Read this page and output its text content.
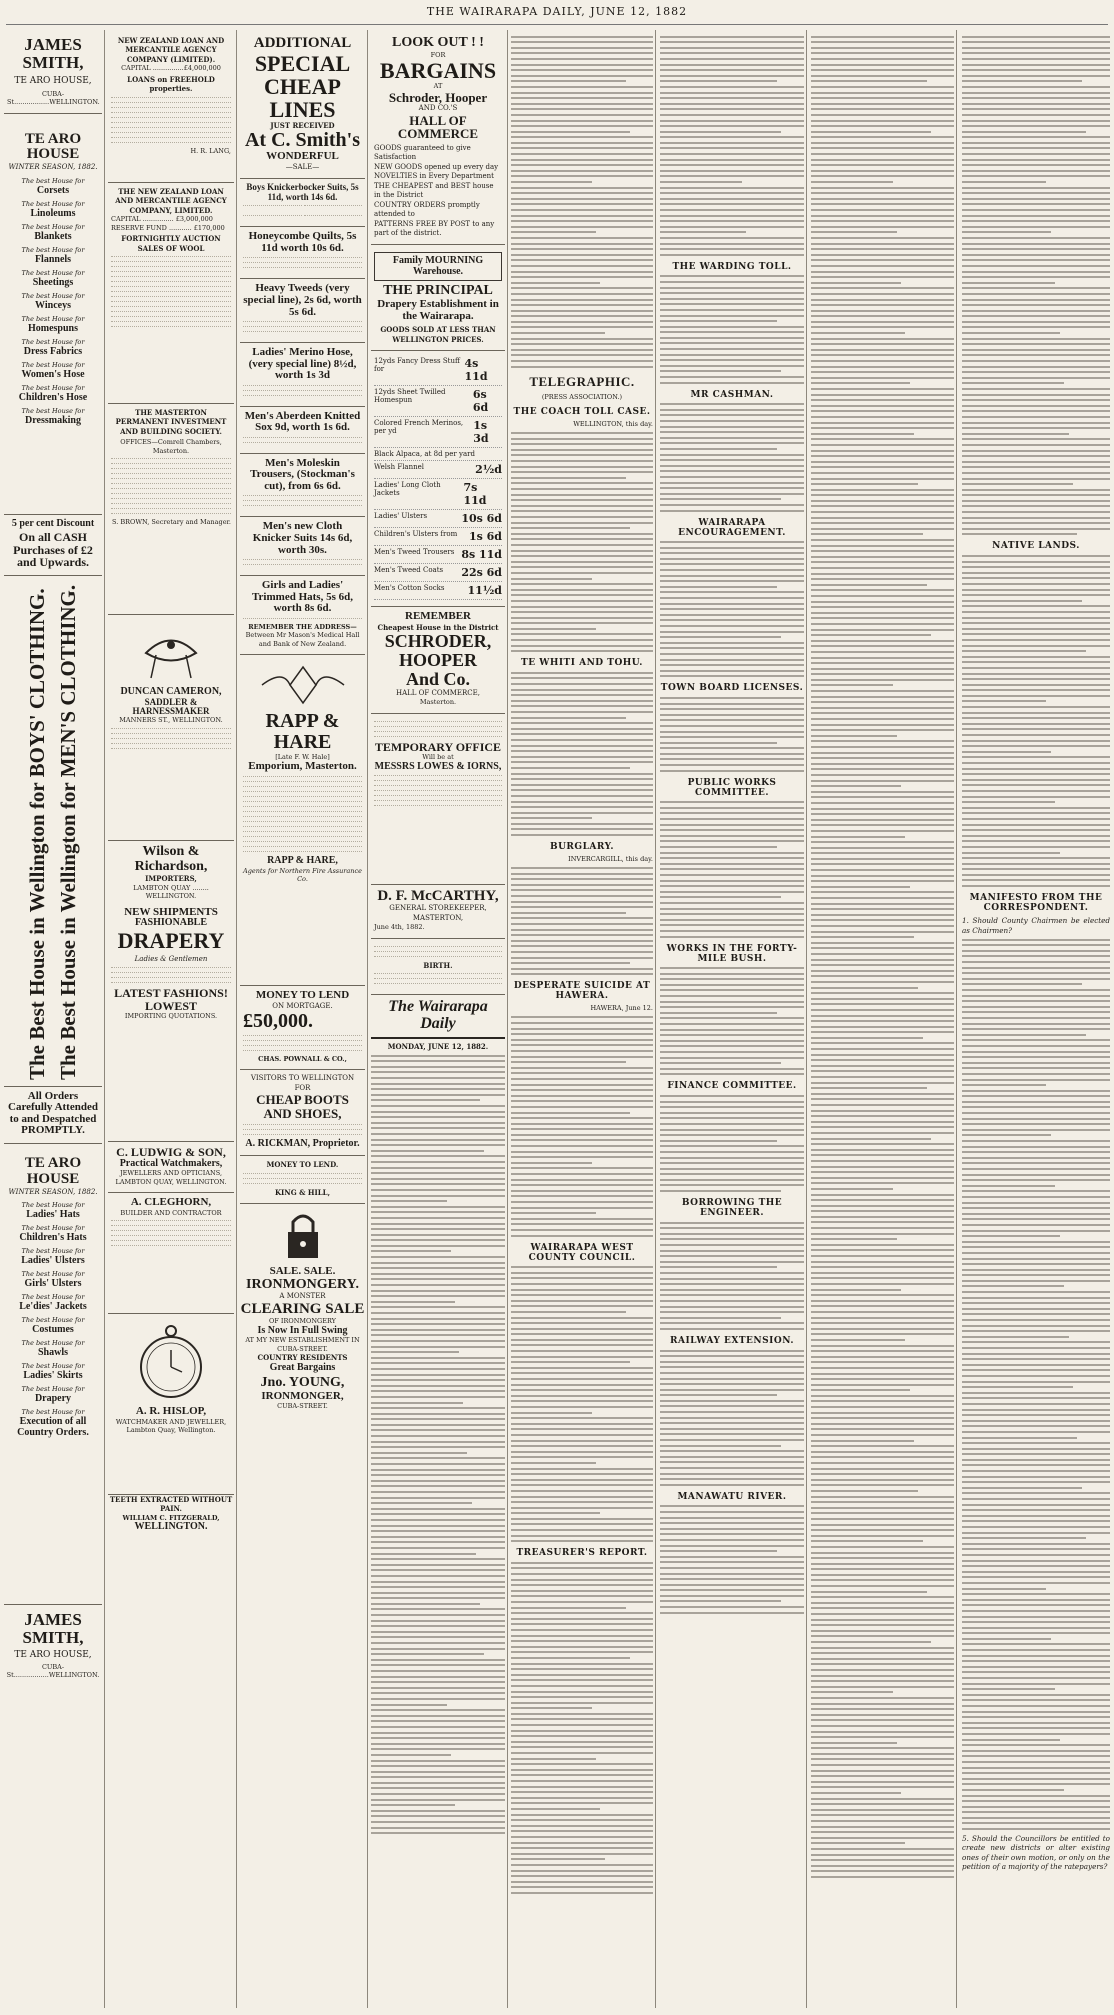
THE WAIRARAPA DAILY, JUNE 12, 1882
JAMES SMITH,
TE ARO HOUSE,
CUBA-St.................WELLINGTON.
TE ARO HOUSE
WINTER SEASON, 1882.
The best House for
Corsets
The best House for
Linoleums
The best House for
Blankets
The best House for
Flannels
The best House for
Sheetings
The best House for
Winceys
The best House for
Homespuns
The best House for
Dress Fabrics
The best House for
Women's Hose
The best House for
Children's Hose
The best House for
Dressmaking
5 per cent Discount
On all CASH Purchases of £2 and Upwards.
The Best House in Wellington for BOYS' CLOTHING. The Best House in Wellington for MEN'S CLOTHING.
All Orders Carefully Attended to and Despatched PROMPTLY.
TE ARO HOUSE
WINTER SEASON, 1882.
The best House for
Ladies' Hats
The best House for
Children's Hats
The best House for
Ladies' Ulsters
The best House for
Girls' Ulsters
The best House for
Le'dies' Jackets
The best House for
Costumes
The best House for
Shawls
The best House for
Ladies' Skirts
The best House for
Drapery
The best House for
Execution of all Country Orders.
JAMES SMITH,
TE ARO HOUSE,
CUBA-St.................WELLINGTON.
NEW ZEALAND LOAN AND MERCANTILE AGENCY COMPANY (LIMITED).
CAPITAL ...............£4,000,000
LOANS on FREEHOLD properties.
H. R. LANG,
THE NEW ZEALAND LOAN AND MERCANTILE AGENCY COMPANY, LIMITED.
CAPITAL ............... £3,000,000
RESERVE FUND ........... £170,000
FORTNIGHTLY AUCTION SALES OF WOOL
THE MASTERTON PERMANENT INVESTMENT AND BUILDING SOCIETY.
OFFICES—Comrell Chambers, Masterton.
S. BROWN, Secretary and Manager.
DUNCAN CAMERON,
SADDLER & HARNESSMAKER
MANNERS ST., WELLINGTON.
Wilson & Richardson,
IMPORTERS,
LAMBTON QUAY ........ WELLINGTON.
NEW SHIPMENTS
FASHIONABLE
DRAPERY
Ladies & Gentlemen
LATEST FASHIONS!
LOWEST
IMPORTING QUOTATIONS.
C. LUDWIG & SON,
Practical Watchmakers,
JEWELLERS AND OPTICIANS,
LAMBTON QUAY, WELLINGTON.
A. CLEGHORN,
BUILDER AND CONTRACTOR
A. R. HISLOP,
WATCHMAKER AND JEWELLER,
Lambton Quay, Wellington.
TEETH EXTRACTED WITHOUT PAIN.
WILLIAM C. FITZGERALD,
WELLINGTON.
ADDITIONAL
SPECIAL CHEAP LINES
JUST RECEIVED
At C. Smith's
WONDERFUL
—SALE—
Boys Knickerbocker Suits, 5s 11d, worth 14s 6d.
Honeycombe Quilts, 5s 11d worth 10s 6d.
Heavy Tweeds (very special line), 2s 6d, worth 5s 6d.
Ladies' Merino Hose, (very special line) 8½d, worth 1s 3d
Men's Aberdeen Knitted Sox 9d, worth 1s 6d.
Men's Moleskin Trousers, (Stockman's cut), from 6s 6d.
Men's new Cloth Knicker Suits 14s 6d, worth 30s.
Girls and Ladies' Trimmed Hats, 5s 6d, worth 8s 6d.
REMEMBER THE ADDRESS—
Between Mr Mason's Medical Hall and Bank of New Zealand.
RAPP & HARE
[Late F. W. Hale]
Emporium, Masterton.
RAPP & HARE,
Agents for Northern Fire Assurance Co.
MONEY TO LEND
ON MORTGAGE.
£50,000.
CHAS. POWNALL & CO.,
VISITORS TO WELLINGTON FOR
CHEAP BOOTS AND SHOES,
A. RICKMAN, Proprietor.
MONEY TO LEND.
KING & HILL,
SALE. SALE.
IRONMONGERY.
A MONSTER
CLEARING SALE
OF IRONMONGERY
Is Now In Full Swing
AT MY NEW ESTABLISHMENT IN CUBA-STREET.
COUNTRY RESIDENTS
Great Bargains
Jno. YOUNG,
IRONMONGER,
CUBA-STREET.
LOOK OUT ! !
FOR
BARGAINS
AT
Schroder, Hooper
AND CO.'S
HALL OF COMMERCE
GOODS guaranteed to give Satisfaction
NEW GOODS opened up every day
NOVELTIES in Every Department
THE CHEAPEST and BEST house in the District
COUNTRY ORDERS promptly attended to
PATTERNS FREE BY POST to any part of the district.
Family MOURNING Warehouse.
THE PRINCIPAL
Drapery Establishment in the Wairarapa.
GOODS SOLD AT LESS THAN WELLINGTON PRICES.
12yds Fancy Dress Stuff for	4s 11d
12yds Sheet Twilled Homespun	6s 6d
Colored French Merinos, per yd	1s 3d
Black Alpaca, at 8d per yard
Welsh Flannel	2½d
Ladies' Long Cloth Jackets	7s 11d
Ladies' Ulsters	10s 6d
Children's Ulsters from 1s 6d
Men's Tweed Trousers 8s 11d
Men's Tweed Coats 22s 6d
Men's Cotton Socks 11½d
REMEMBER
Cheapest House in the District
SCHRODER,
HOOPER
And Co.
HALL OF COMMERCE,
Masterton.
TEMPORARY OFFICE
Will be at
MESSRS LOWES & IORNS,
D. F. McCARTHY,
GENERAL STOREKEEPER,
MASTERTON,
June 4th, 1882.
BIRTH.
The Wairarapa Daily
MONDAY, JUNE 12, 1882.
TELEGRAPHIC.
(PRESS ASSOCIATION.)
THE COACH TOLL CASE.
WELLINGTON, this day.
TE WHITI AND TOHU.
BURGLARY.
INVERCARGILL, this day.
DESPERATE SUICIDE AT HAWERA.
HAWERA, June 12.
WAIRARAPA WEST COUNTY COUNCIL.
TREASURER'S REPORT.
THE WARDING TOLL.
MR CASHMAN.
WAIRARAPA ENCOURAGEMENT.
TOWN BOARD LICENSES.
PUBLIC WORKS COMMITTEE.
WORKS IN THE FORTY-MILE BUSH.
FINANCE COMMITTEE.
BORROWING THE ENGINEER.
RAILWAY EXTENSION.
MANAWATU RIVER.
NATIVE LANDS.
MANIFESTO FROM THE CORRESPONDENT.
1. Should County Chairmen be elected as Chairmen?
5. Should the Councillors be entitled to create new districts or alter existing ones of their own motion, or only on the petition of a majority of the ratepayers?
